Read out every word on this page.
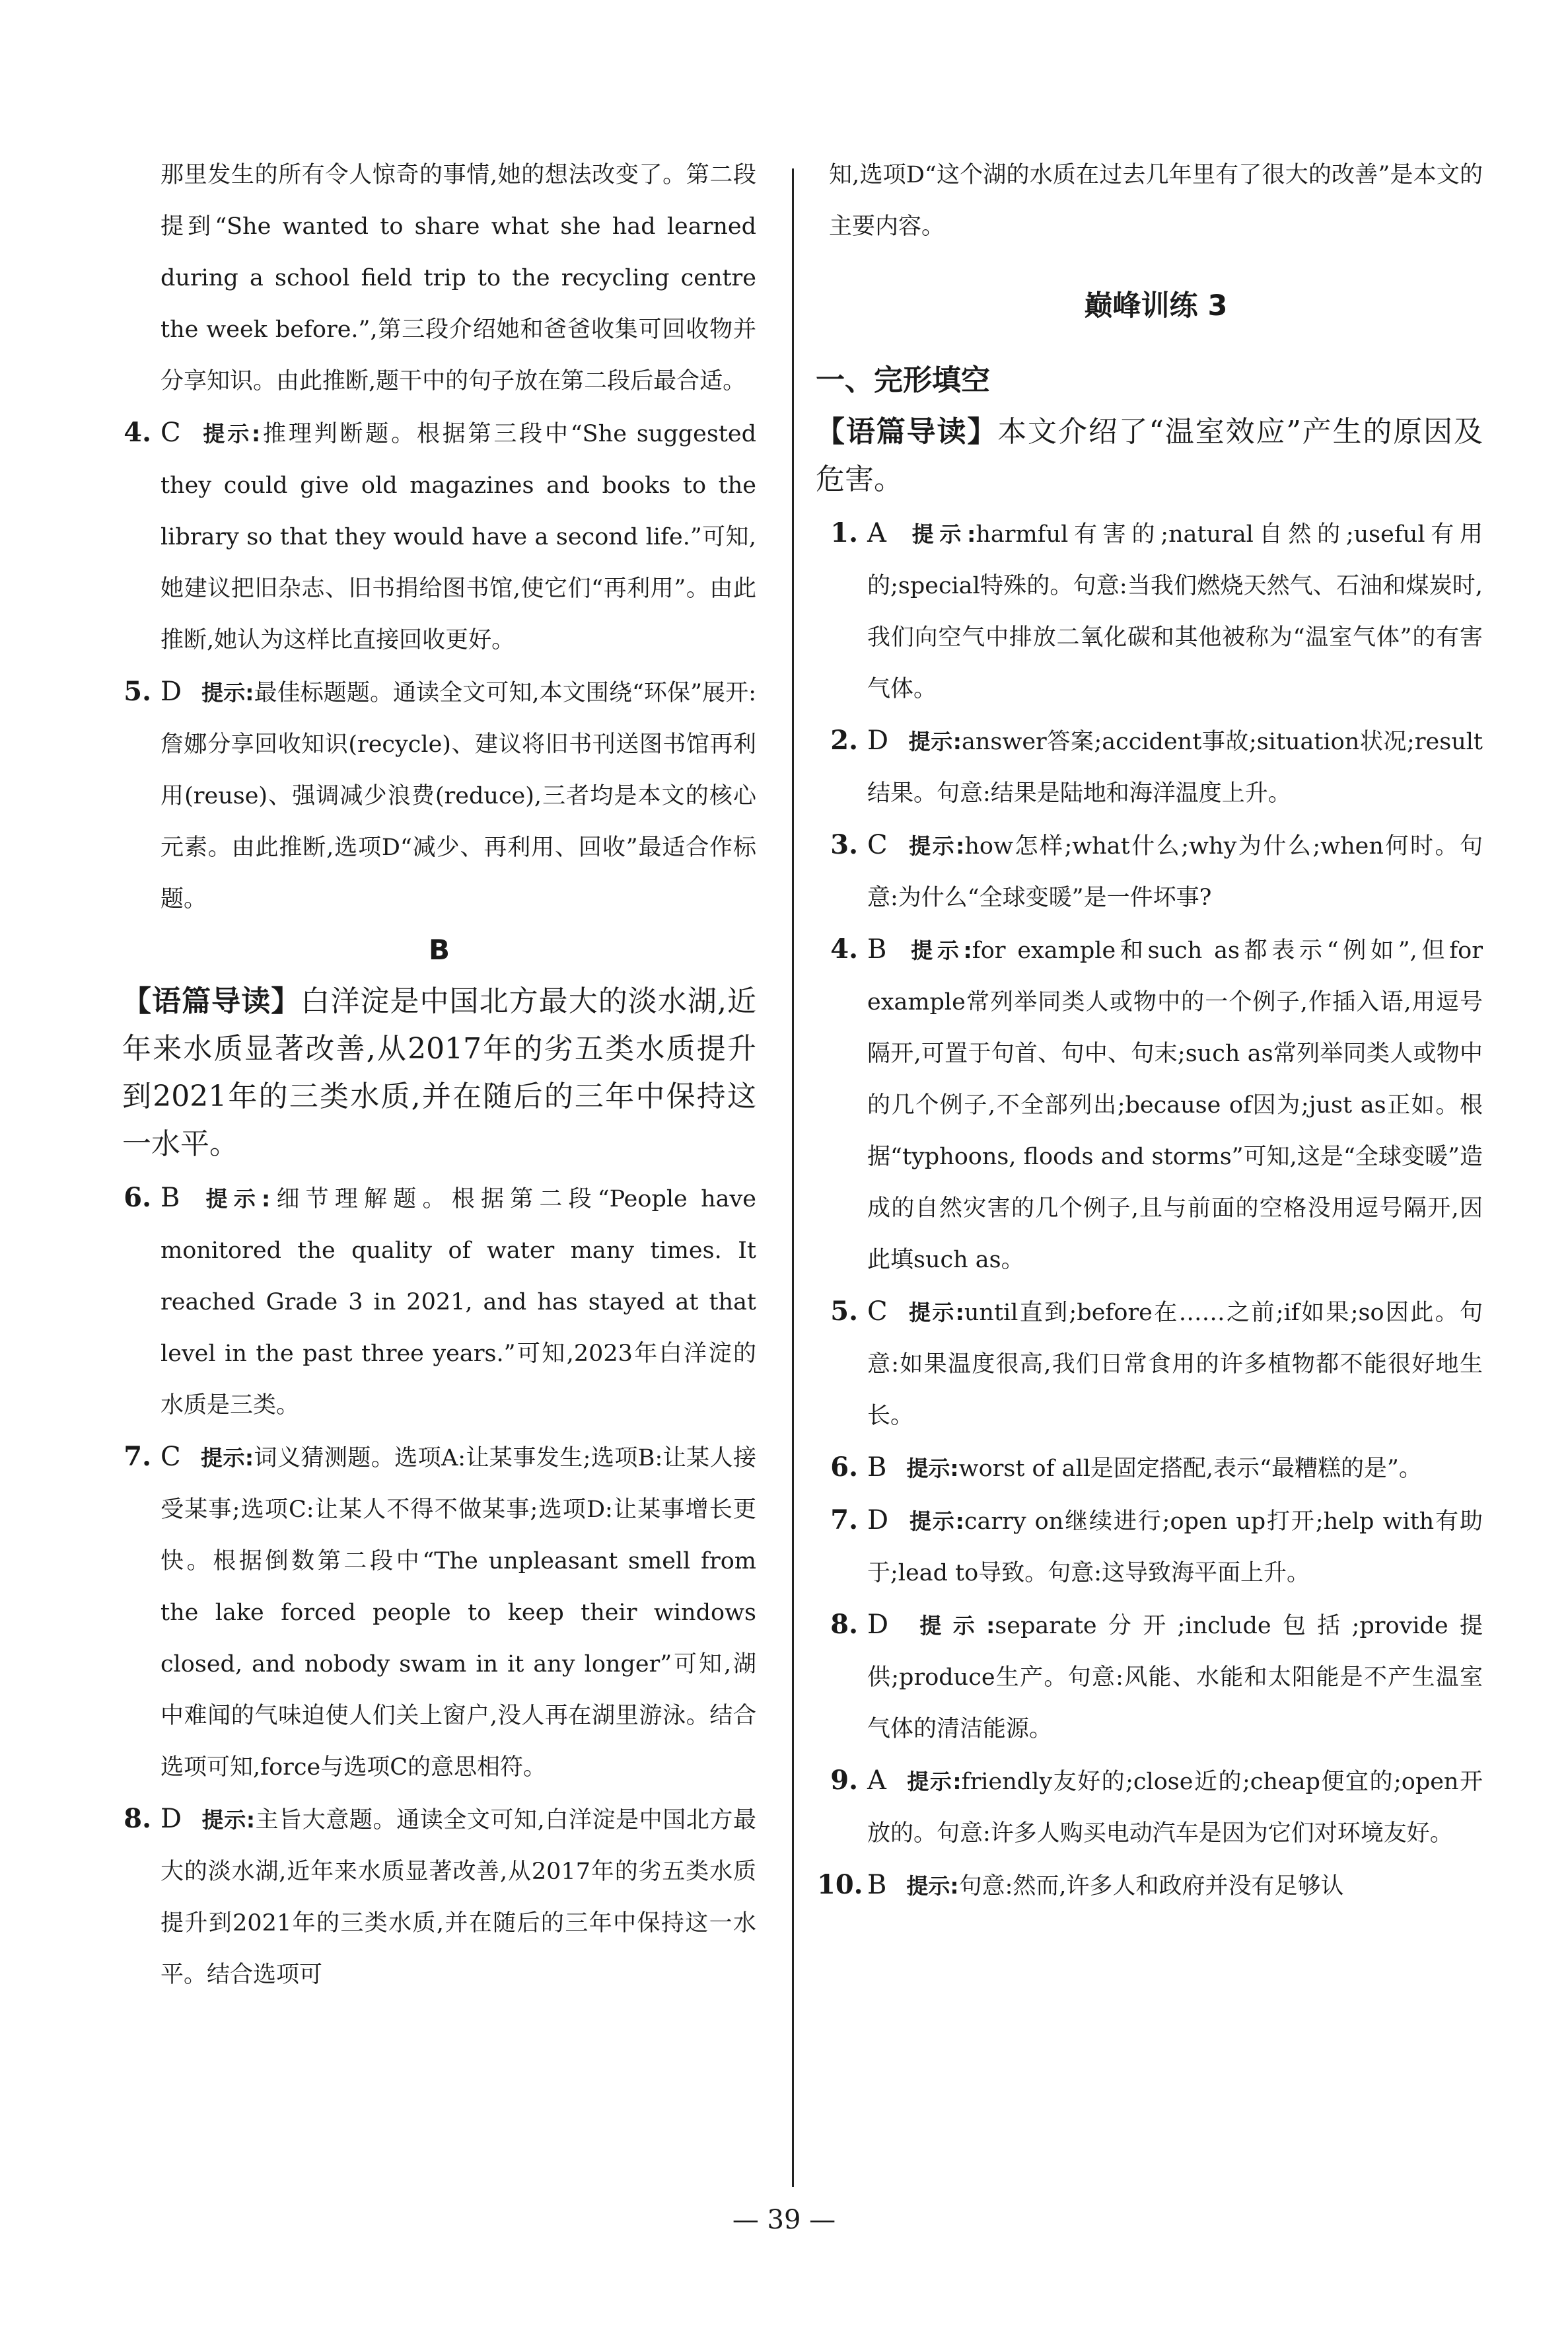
那里发生的所有令人惊奇的事情,她的想法改变了。第二段提到“She wanted to share what she had learned during a school field trip to the recycling centre the week before.”,第三段介绍她和爸爸收集可回收物并分享知识。由此推断,题干中的句子放在第二段后最合适。

4. C 提示:推理判断题。根据第三段中“She suggested they could give old magazines and books to the library so that they would have a second life.”可知,她建议把旧杂志、旧书捐给图书馆,使它们“再利用”。由此推断,她认为这样比直接回收更好。

5. D 提示:最佳标题题。通读全文可知,本文围绕“环保”展开:詹娜分享回收知识(recycle)、建议将旧书刊送图书馆再利用(reuse)、强调减少浪费(reduce),三者均是本文的核心元素。由此推断,选项D“减少、再利用、回收”最适合作标题。

B

【语篇导读】白洋淀是中国北方最大的淡水湖,近年来水质显著改善,从2017年的劣五类水质提升到2021年的三类水质,并在随后的三年中保持这一水平。

6. B 提示:细节理解题。根据第二段“People have monitored the quality of water many times. It reached Grade 3 in 2021, and has stayed at that level in the past three years.”可知,2023年白洋淀的水质是三类。

7. C 提示:词义猜测题。选项A:让某事发生;选项B:让某人接受某事;选项C:让某人不得不做某事;选项D:让某事增长更快。根据倒数第二段中“The unpleasant smell from the lake forced people to keep their windows closed, and nobody swam in it any longer”可知,湖中难闻的气味迫使人们关上窗户,没人再在湖里游泳。结合选项可知,force与选项C的意思相符。

8. D 提示:主旨大意题。通读全文可知,白洋淀是中国北方最大的淡水湖,近年来水质显著改善,从2017年的劣五类水质提升到2021年的三类水质,并在随后的三年中保持这一水平。结合选项可

知,选项D“这个湖的水质在过去几年里有了很大的改善”是本文的主要内容。

巅峰训练 3

一、完形填空

【语篇导读】本文介绍了“温室效应”产生的原因及危害。

1. A 提示:harmful有害的;natural自然的;useful有用的;special特殊的。句意:当我们燃烧天然气、石油和煤炭时,我们向空气中排放二氧化碳和其他被称为“温室气体”的有害气体。

2. D 提示:answer答案;accident事故;situation状况;result结果。句意:结果是陆地和海洋温度上升。

3. C 提示:how怎样;what什么;why为什么;when何时。句意:为什么“全球变暖”是一件坏事?

4. B 提示:for example和such as都表示“例如”,但for example常列举同类人或物中的一个例子,作插入语,用逗号隔开,可置于句首、句中、句末;such as常列举同类人或物中的几个例子,不全部列出;because of因为;just as正如。根据“typhoons, floods and storms”可知,这是“全球变暖”造成的自然灾害的几个例子,且与前面的空格没用逗号隔开,因此填such as。

5. C 提示:until直到;before在……之前;if如果;so因此。句意:如果温度很高,我们日常食用的许多植物都不能很好地生长。

6. B 提示:worst of all是固定搭配,表示“最糟糕的是”。

7. D 提示:carry on继续进行;open up打开;help with有助于;lead to导致。句意:这导致海平面上升。

8. D 提示:separate分开;include包括;provide提供;produce生产。句意:风能、水能和太阳能是不产生温室气体的清洁能源。

9. A 提示:friendly友好的;close近的;cheap便宜的;open开放的。句意:许多人购买电动汽车是因为它们对环境友好。

10. B 提示:句意:然而,许多人和政府并没有足够认

— 39 —
